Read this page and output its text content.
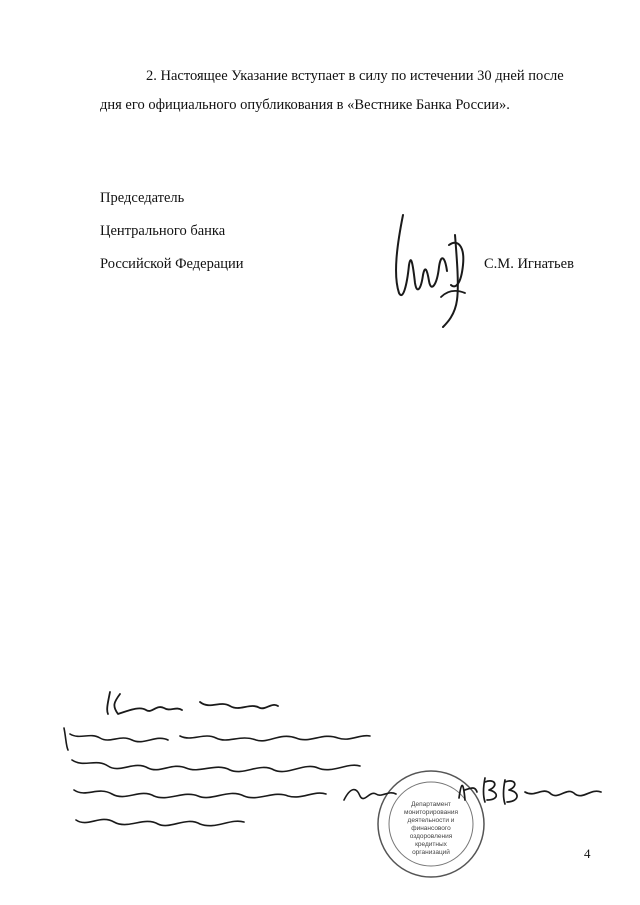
2. Настоящее Указание вступает в силу по истечении 30 дней после
дня его официального опубликования в «Вестнике Банка России».

Председатель

Центрального банка

Российской Федерации	С.М. Игнатьев

Департамент
мониторирования
деятельности и
финансового
оздоровления
кредитных
организаций	4
